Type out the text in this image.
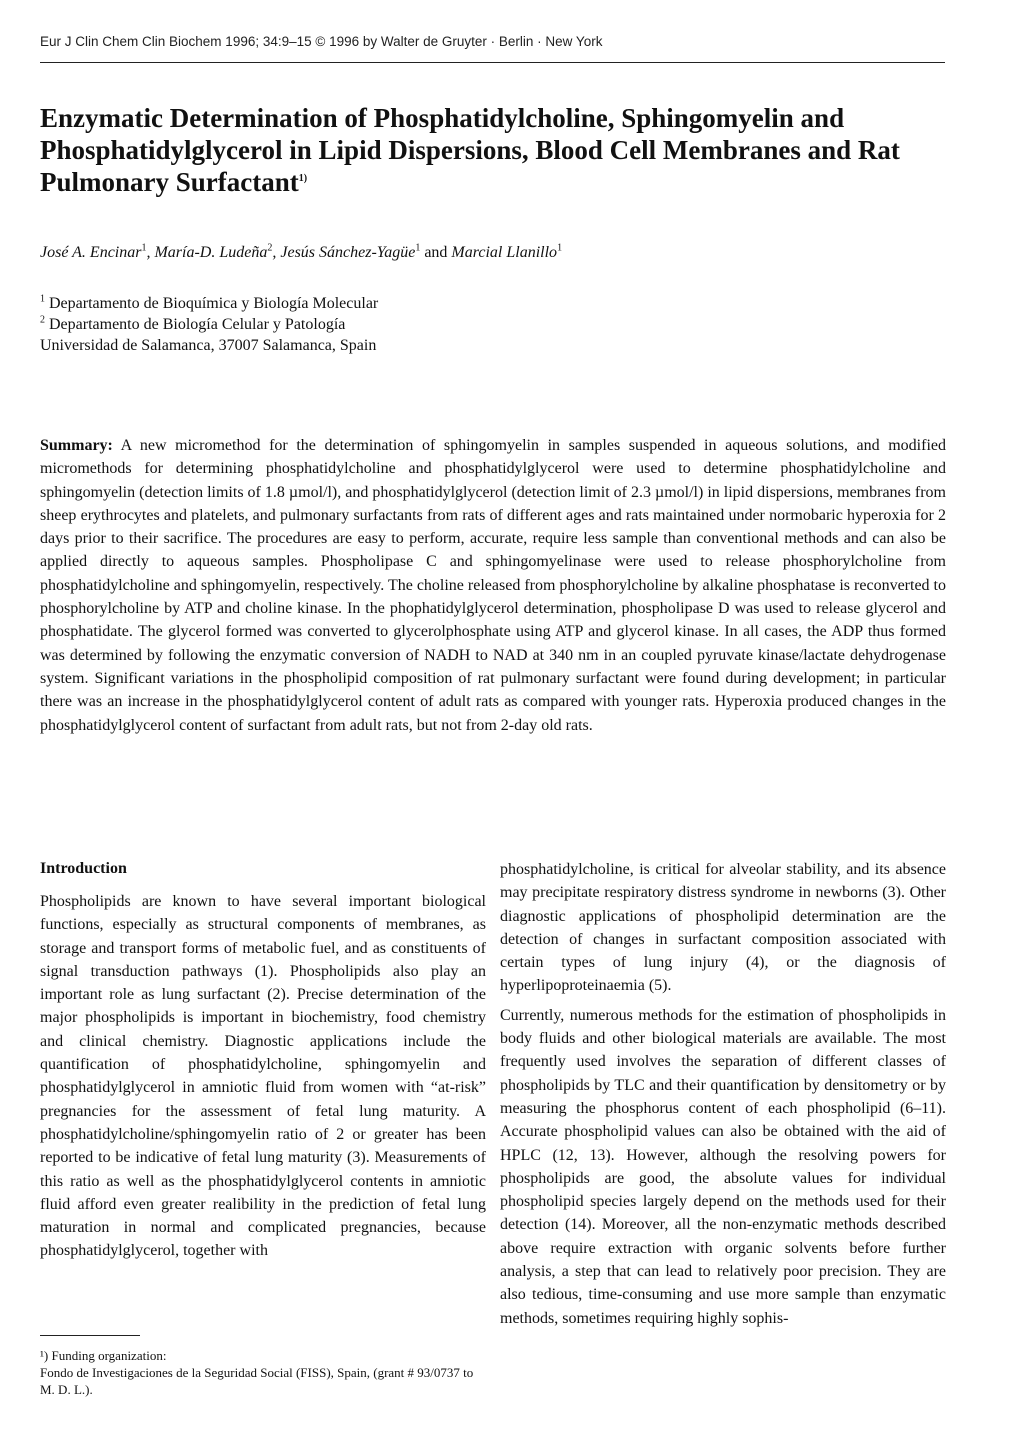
Eur J Clin Chem Clin Biochem 1996; 34:9–15 © 1996 by Walter de Gruyter · Berlin · New York
Enzymatic Determination of Phosphatidylcholine, Sphingomyelin and Phosphatidylglycerol in Lipid Dispersions, Blood Cell Membranes and Rat Pulmonary Surfactant$^{1)}$
José A. Encinar$^1$, María-D. Ludeña$^2$, Jesús Sánchez-Yagüe$^1$ and Marcial Llanillo$^1$
$^1$ Departamento de Bioquímica y Biología Molecular
$^2$ Departamento de Biología Celular y Patología
Universidad de Salamanca, 37007 Salamanca, Spain

Summary: A new micromethod for the determination of sphingomyelin in samples suspended in aqueous solutions, and modified micromethods for determining phosphatidylcholine and phosphatidylglycerol were used to determine phosphatidylcholine and sphingomyelin (detection limits of 1.8 µmol/l), and phosphatidylglycerol (detection limit of 2.3 µmol/l) in lipid dispersions, membranes from sheep erythrocytes and platelets, and pulmonary surfactants from rats of different ages and rats maintained under normobaric hyperoxia for 2 days prior to their sacrifice. The procedures are easy to perform, accurate, require less sample than conventional methods and can also be applied directly to aqueous samples. Phospholipase C and sphingomyelinase were used to release phosphorylcholine from phosphatidylcholine and sphingomyelin, respectively. The choline released from phosphorylcholine by alkaline phosphatase is reconverted to phosphorylcholine by ATP and choline kinase. In the phophatidylglycerol determination, phospholipase D was used to release glycerol and phosphatidate. The glycerol formed was converted to glycerolphosphate using ATP and glycerol kinase. In all cases, the ADP thus formed was determined by following the enzymatic conversion of NADH to NAD at 340 nm in an coupled pyruvate kinase/lactate dehydrogenase system. Significant variations in the phospholipid composition of rat pulmonary surfactant were found during development; in particular there was an increase in the phosphatidylglycerol content of adult rats as compared with younger rats. Hyperoxia produced changes in the phosphatidylglycerol content of surfactant from adult rats, but not from 2-day old rats.

Introduction

Phospholipids are known to have several important biological functions, especially as structural components of membranes, as storage and transport forms of metabolic fuel, and as constituents of signal transduction pathways (1). Phospholipids also play an important role as lung surfactant (2). Precise determination of the major phospholipids is important in biochemistry, food chemistry and clinical chemistry. Diagnostic applications include the quantification of phosphatidylcholine, sphingomyelin and phosphatidylglycerol in amniotic fluid from women with “at-risk” pregnancies for the assessment of fetal lung maturity. A phosphatidylcholine/sphingomyelin ratio of 2 or greater has been reported to be indicative of fetal lung maturity (3). Measurements of this ratio as well as the phosphatidylglycerol contents in amniotic fluid afford even greater realibility in the prediction of fetal lung maturation in normal and complicated pregnancies, because phosphatidylglycerol, together with

phosphatidylcholine, is critical for alveolar stability, and its absence may precipitate respiratory distress syndrome in newborns (3). Other diagnostic applications of phospholipid determination are the detection of changes in surfactant composition associated with certain types of lung injury (4), or the diagnosis of hyperlipoproteinaemia (5).

Currently, numerous methods for the estimation of phospholipids in body fluids and other biological materials are available. The most frequently used involves the separation of different classes of phospholipids by TLC and their quantification by densitometry or by measuring the phosphorus content of each phospholipid (6–11). Accurate phospholipid values can also be obtained with the aid of HPLC (12, 13). However, although the resolving powers for phospholipids are good, the absolute values for individual phospholipid species largely depend on the methods used for their detection (14). Moreover, all the non-enzymatic methods described above require extraction with organic solvents before further analysis, a step that can lead to relatively poor precision. They are also tedious, time-consuming and use more sample than enzymatic methods, sometimes requiring highly sophis-

¹) Funding organization:
Fondo de Investigaciones de la Seguridad Social (FISS), Spain, (grant # 93/0737 to M. D. L.).
